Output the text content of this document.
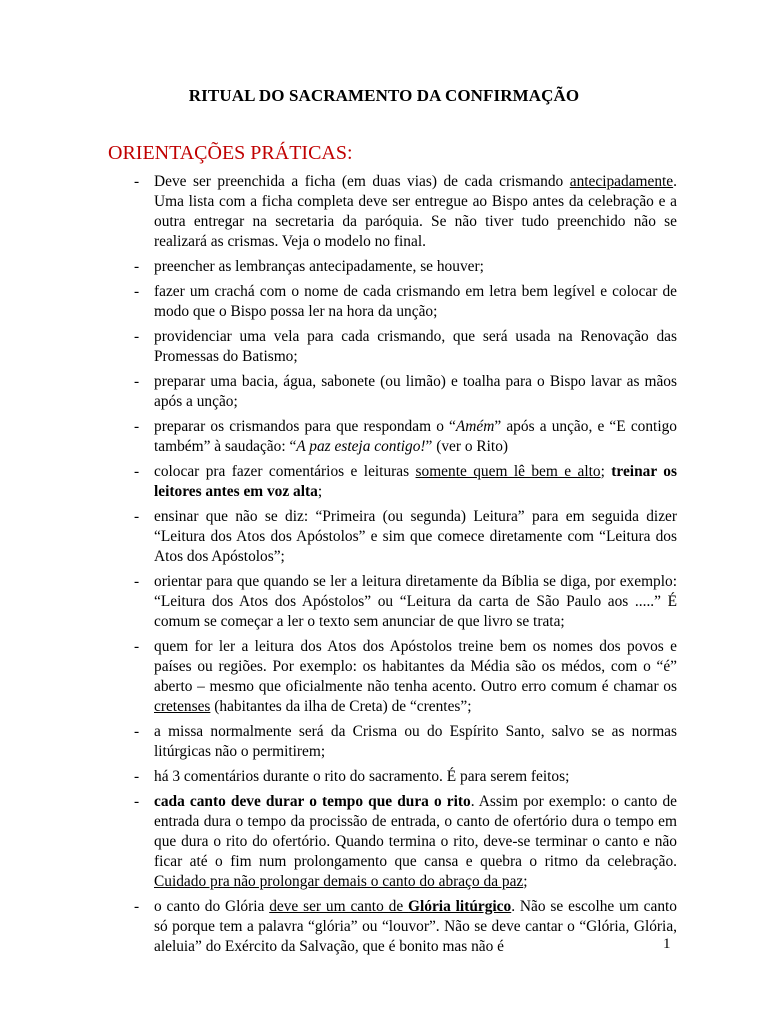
RITUAL DO SACRAMENTO DA CONFIRMAÇÃO
ORIENTAÇÕES PRÁTICAS:
- Deve ser preenchida a ficha (em duas vias) de cada crismando antecipadamente. Uma lista com a ficha completa deve ser entregue ao Bispo antes da celebração e a outra entregar na secretaria da paróquia. Se não tiver tudo preenchido não se realizará as crismas. Veja o modelo no final.
- preencher as lembranças antecipadamente, se houver;
- fazer um crachá com o nome de cada crismando em letra bem legível e colocar de modo que o Bispo possa ler na hora da unção;
- providenciar uma vela para cada crismando, que será usada na Renovação das Promessas do Batismo;
- preparar uma bacia, água, sabonete (ou limão) e toalha para o Bispo lavar as mãos após a unção;
- preparar os crismandos para que respondam o “Amém” após a unção, e “E contigo também” à saudação: “A paz esteja contigo!” (ver o Rito)
- colocar pra fazer comentários e leituras somente quem lê bem e alto; treinar os leitores antes em voz alta;
- ensinar que não se diz: “Primeira (ou segunda) Leitura” para em seguida dizer “Leitura dos Atos dos Apóstolos” e sim que comece diretamente com “Leitura dos Atos dos Apóstolos”;
- orientar para que quando se ler a leitura diretamente da Bíblia se diga, por exemplo: “Leitura dos Atos dos Apóstolos” ou “Leitura da carta de São Paulo aos .....” É comum se começar a ler o texto sem anunciar de que livro se trata;
- quem for ler a leitura dos Atos dos Apóstolos treine bem os nomes dos povos e países ou regiões. Por exemplo: os habitantes da Média são os médos, com o “é” aberto – mesmo que oficialmente não tenha acento. Outro erro comum é chamar os cretenses (habitantes da ilha de Creta) de “crentes”;
- a missa normalmente será da Crisma ou do Espírito Santo, salvo se as normas litúrgicas não o permitirem;
- há 3 comentários durante o rito do sacramento. É para serem feitos;
- cada canto deve durar o tempo que dura o rito. Assim por exemplo: o canto de entrada dura o tempo da procissão de entrada, o canto de ofertório dura o tempo em que dura o rito do ofertório. Quando termina o rito, deve-se terminar o canto e não ficar até o fim num prolongamento que cansa e quebra o ritmo da celebração. Cuidado pra não prolongar demais o canto do abraço da paz;
- o canto do Glória deve ser um canto de Glória litúrgico. Não se escolhe um canto só porque tem a palavra “glória” ou “louvor”. Não se deve cantar o “Glória, Glória, aleluia” do Exército da Salvação, que é bonito mas não é	1
